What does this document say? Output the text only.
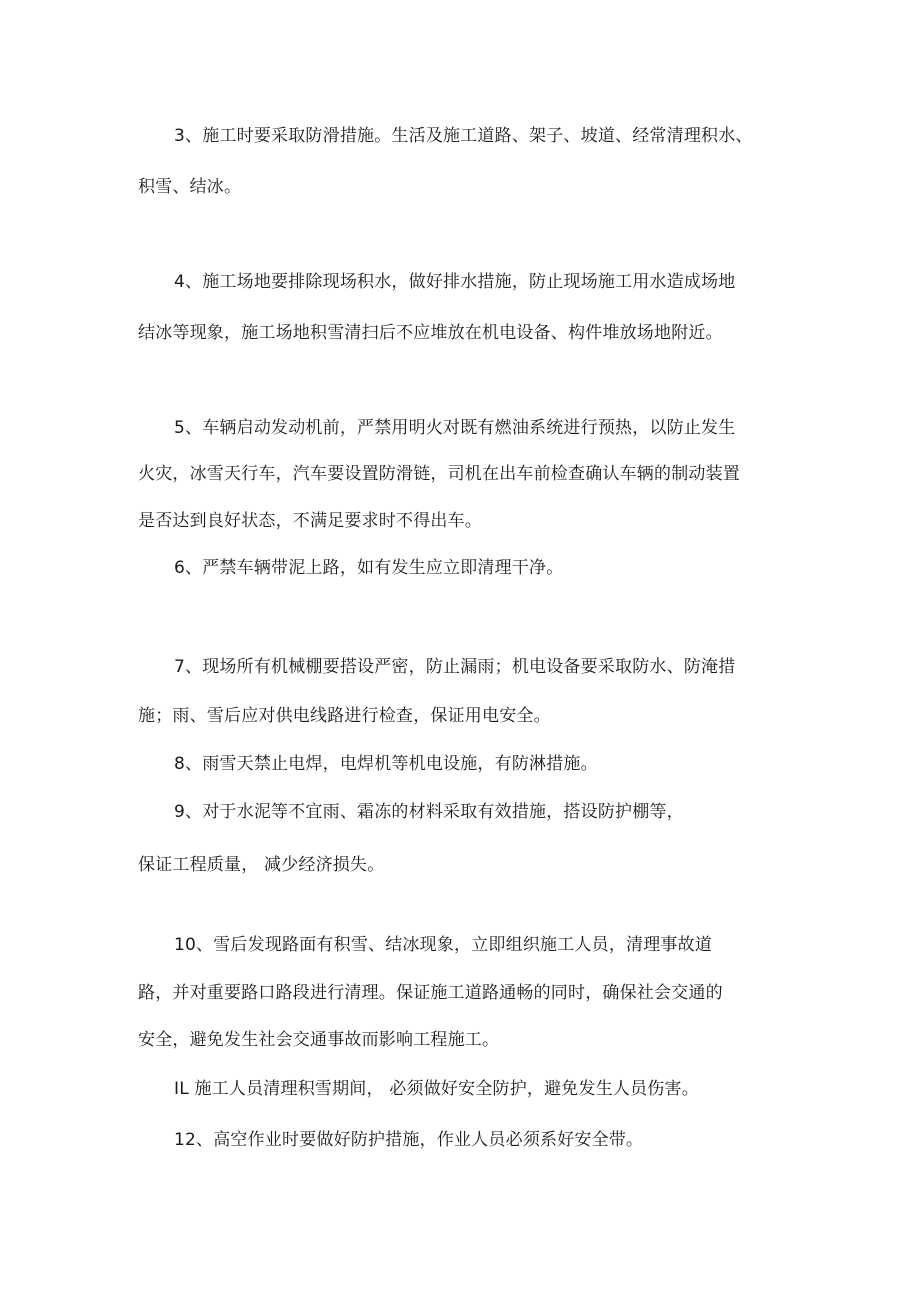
3、施工时要采取防滑措施。生活及施工道路、架子、坡道、经常清理积水、
积雪、结冰。
4、施工场地要排除现场积水，做好排水措施，防止现场施工用水造成场地
结冰等现象，施工场地积雪清扫后不应堆放在机电设备、构件堆放场地附近。
5、车辆启动发动机前，严禁用明火对既有燃油系统进行预热，以防止发生
火灾，冰雪天行车，汽车要设置防滑链，司机在出车前检查确认车辆的制动装置
是否达到良好状态，不满足要求时不得出车。
6、严禁车辆带泥上路，如有发生应立即清理干净。
7、现场所有机械棚要搭设严密，防止漏雨；机电设备要采取防水、防淹措
施；雨、雪后应对供电线路进行检查，保证用电安全。
8、雨雪天禁止电焊，电焊机等机电设施，有防淋措施。
9、对于水泥等不宜雨、霜冻的材料采取有效措施，搭设防护棚等，
保证工程质量， 减少经济损失。
10、雪后发现路面有积雪、结冰现象，立即组织施工人员，清理事故道
路，并对重要路口路段进行清理。保证施工道路通畅的同时，确保社会交通的
安全，避免发生社会交通事故而影响工程施工。
IL 施工人员清理积雪期间， 必须做好安全防护，避免发生人员伤害。
12、高空作业时要做好防护措施，作业人员必须系好安全带。
